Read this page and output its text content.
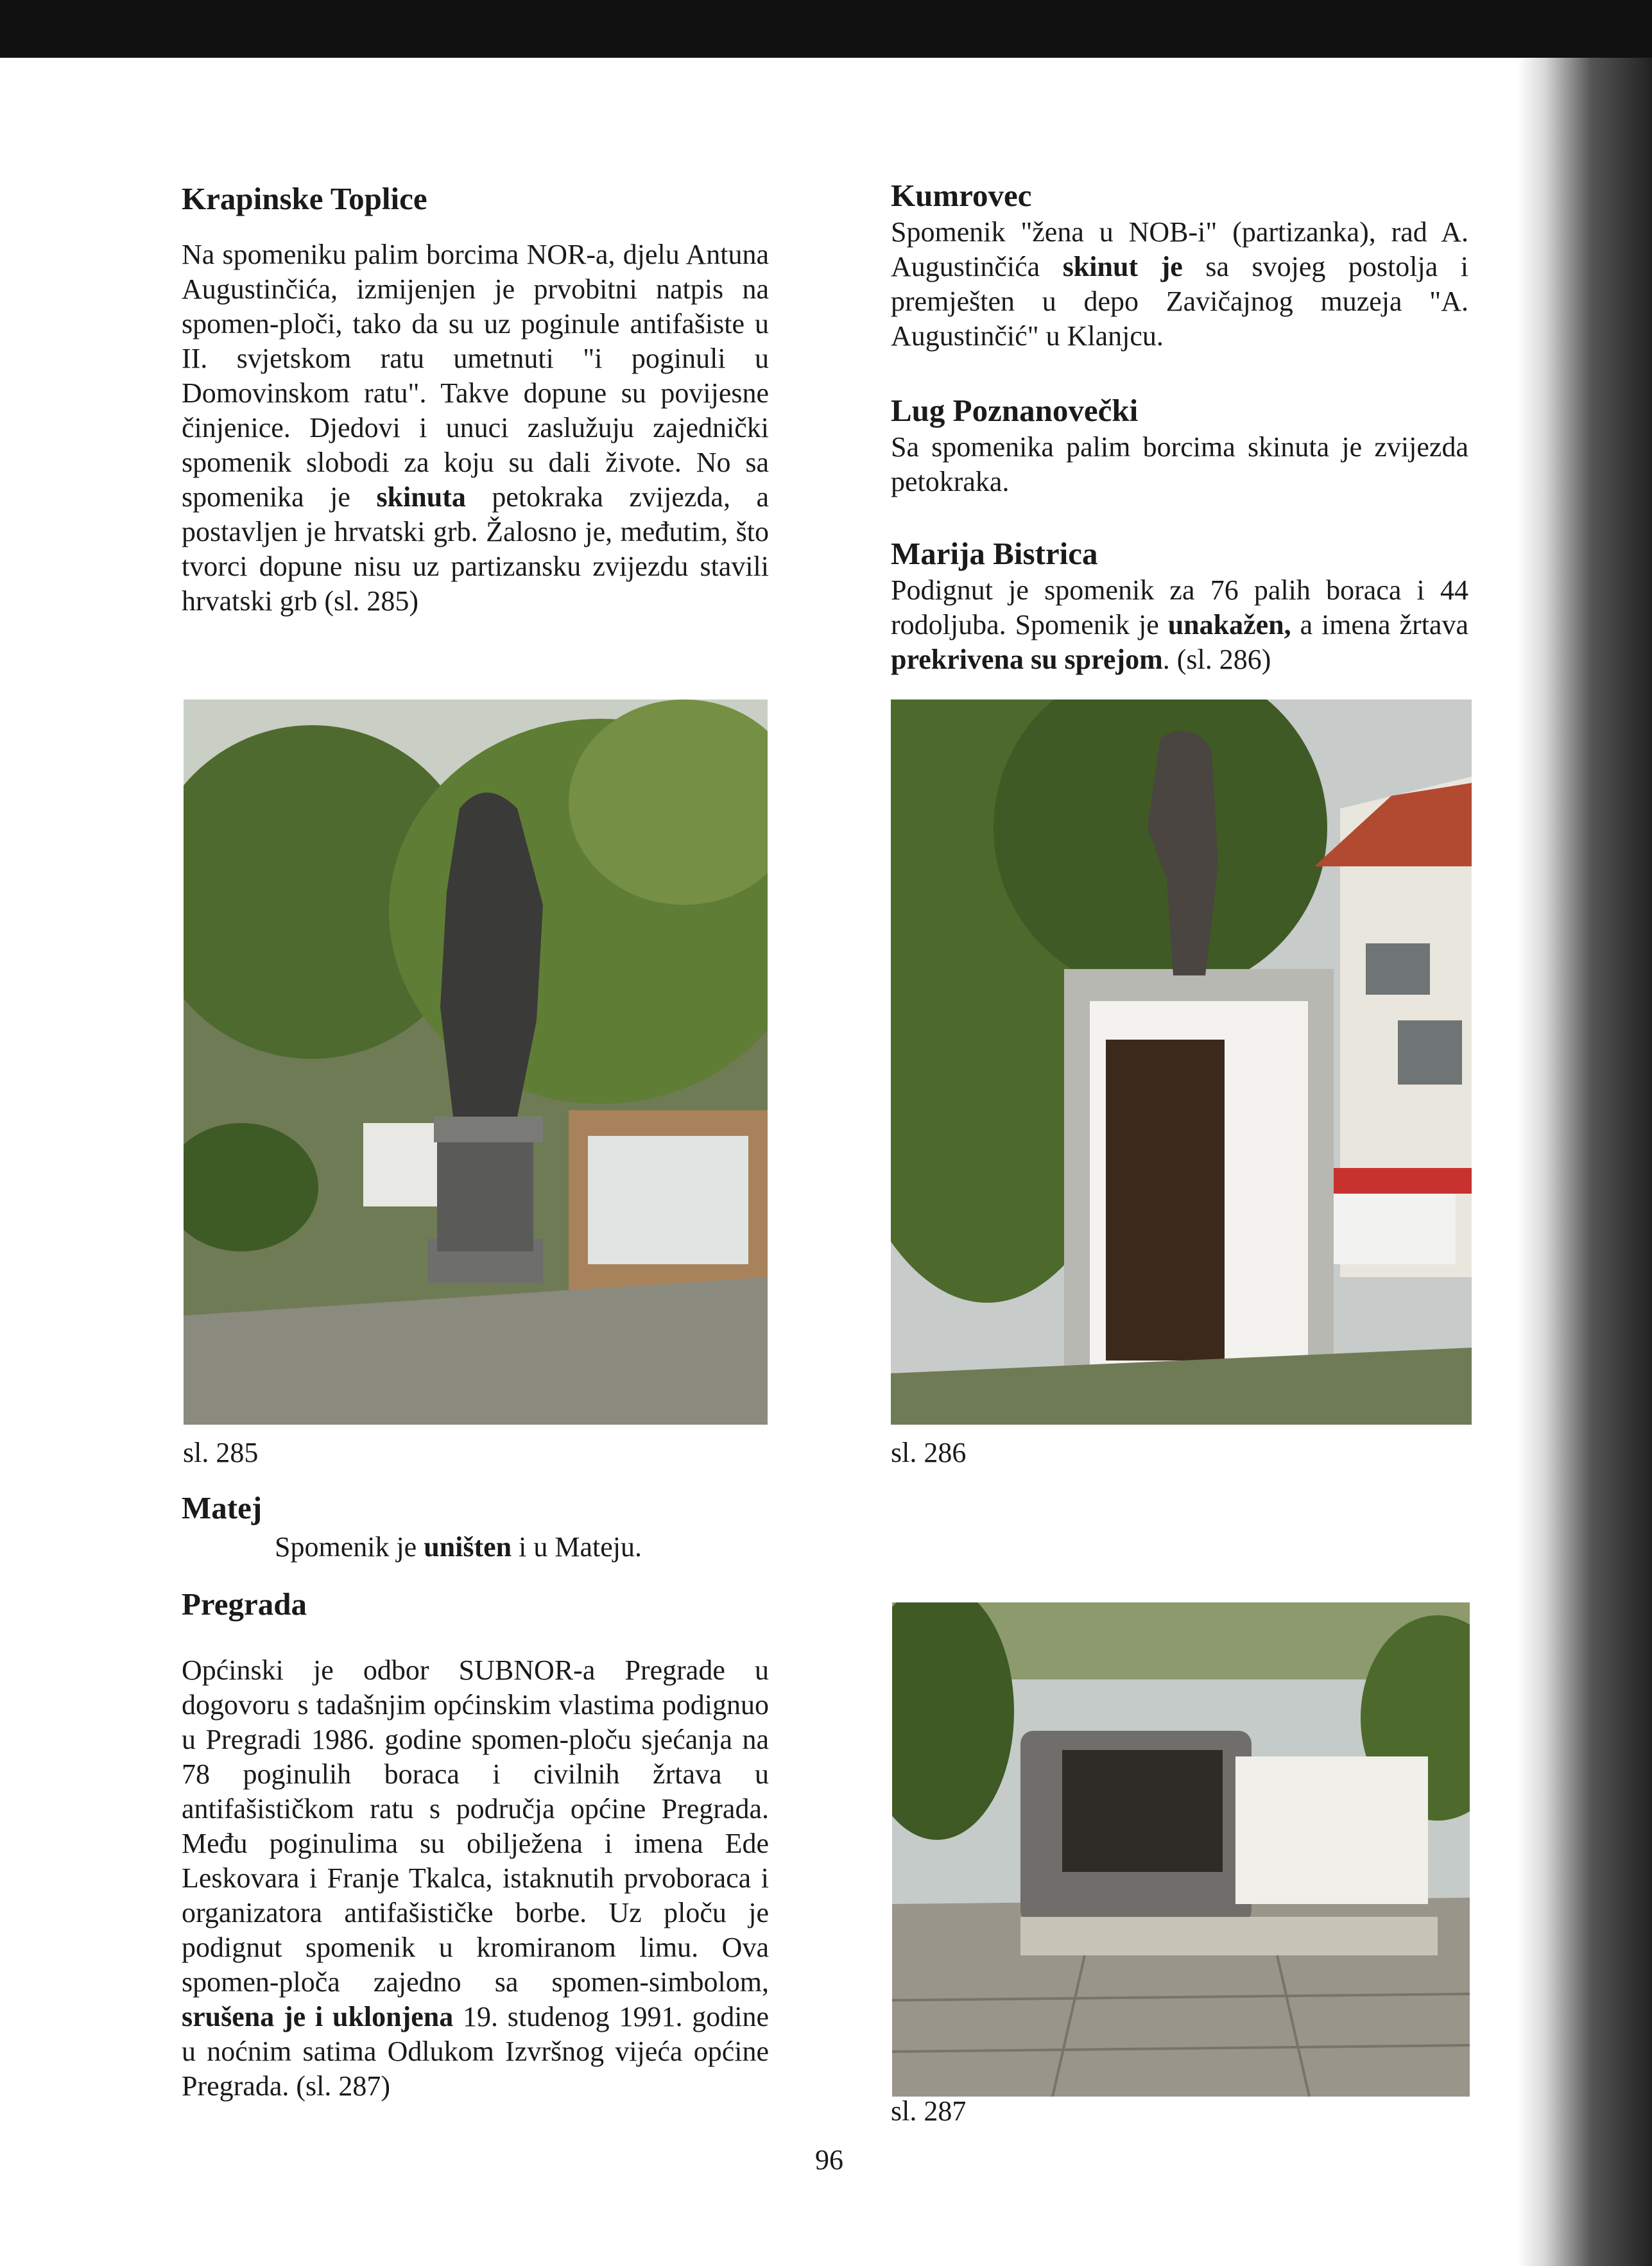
Krapinske Toplice

Na spomeniku palim borcima NOR-a, djelu Antuna Augustinčića, izmijenjen je prvobitni natpis na spomen-ploči, tako da su uz poginule antifašiste u II. svjetskom ratu umetnuti "i poginuli u Domovinskom ratu". Takve dopune su povijesne činjenice. Djedovi i unuci zaslužuju zajednički spomenik slobodi za koju su dali živote. No sa spomenika je skinuta petokraka zvijezda, a postavljen je hrvatski grb. Žalosno je, međutim, što tvorci dopune nisu uz partizansku zvijezdu stavili hrvatski grb (sl. 285)

sl. 285
Matej

Spomenik je uništen i u Mateju.

Pregrada

Općinski je odbor SUBNOR-a Pregrade u dogovoru s tadašnjim općinskim vlastima podignuo u Pregradi 1986. godine spomen-ploču sjećanja na 78 poginulih boraca i civilnih žrtava u antifašističkom ratu s područja općine Pregrada. Među poginulima su obilježena i imena Ede Leskovara i Franje Tkalca, istaknutih prvoboraca i organizatora antifašističke borbe. Uz ploču je podignut spomenik u kromiranom limu. Ova spomen-ploča zajedno sa spomen-simbolom, srušena je i uklonjena 19. studenog 1991. godine u noćnim satima Odlukom Izvršnog vijeća općine Pregrada. (sl. 287)

Kumrovec

Spomenik "žena u NOB-i" (partizanka), rad A. Augustinčića skinut je sa svojeg postolja i premješten u depo Zavičajnog muzeja "A. Augustinčić" u Klanjcu.

Lug Poznanovečki

Sa spomenika palim borcima skinuta je zvijezda petokraka.

Marija Bistrica

Podignut je spomenik za 76 palih boraca i 44 rodoljuba. Spomenik je unakažen, a imena žrtava prekrivena su sprejom. (sl. 286)

sl. 286
sl. 287
96
